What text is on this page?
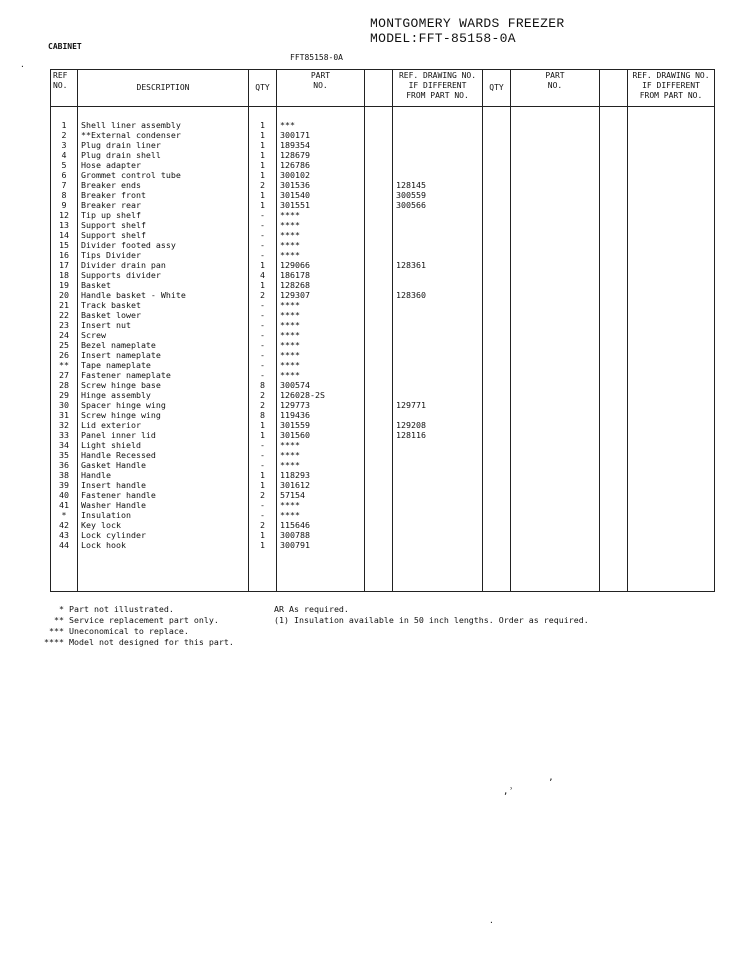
MONTGOMERY WARDS FREEZER
MODEL:FFT-85158-0A
CABINET
FFT85158-0A
·
REF
NO.	DESCRIPTION	QTY	PART
NO.		REF. DRAWING NO.
IF DIFFERENT
FROM PART NO.	QTY	PART
NO.		REF. DRAWING NO.
IF DIFFERENT
FROM PART NO.
1	Shell liner assembly	1	***						
2	**External condenser	1	300171						
3	Plug drain liner	1	189354						
4	Plug drain shell	1	128679						
5	Hose adapter	1	126786						
6	Grommet control tube	1	300102						
7	Breaker ends	2	301536		128145				
8	Breaker front	1	301540		300559				
9	Breaker rear	1	301551		300566				
12	Tip up shelf	-	****						
13	Support shelf	-	****						
14	Support shelf	-	****						
15	Divider footed assy	-	****						
16	Tips Divider	-	****						
17	Divider drain pan	1	129066		128361				
18	Supports divider	4	186178						
19	Basket	1	128268						
20	Handle basket - White	2	129307		128360				
21	Track basket	-	****						
22	Basket lower	-	****						
23	Insert nut	-	****						
24	Screw	-	****						
25	Bezel nameplate	-	****						
26	Insert nameplate	-	****						
**	Tape nameplate	-	****						
27	Fastener nameplate	-	****						
28	Screw hinge base	8	300574						
29	Hinge assembly	2	126028-2S						
30	Spacer hinge wing	2	129773		129771				
31	Screw hinge wing	8	119436						
32	Lid exterior	1	301559		129208				
33	Panel inner lid	1	301560		128116				
34	Light shield	-	****						
35	Handle Recessed	-	****						
36	Gasket Handle	-	****						
38	Handle	1	118293						
39	Insert handle	1	301612						
40	Fastener handle	2	57154						
41	Washer Handle	-	****						
*	Insulation	-	****						
42	Key lock	2	115646						
43	Lock cylinder	1	300788						
44	Lock hook	1	300791						

* Part not illustrated.
** Service replacement part only.
*** Uneconomical to replace.
**** Model not designed for this part.
AR As required.
(1) Insulation available in 50 inch lengths. Order as required.
‚ʾ
ʼ
·
